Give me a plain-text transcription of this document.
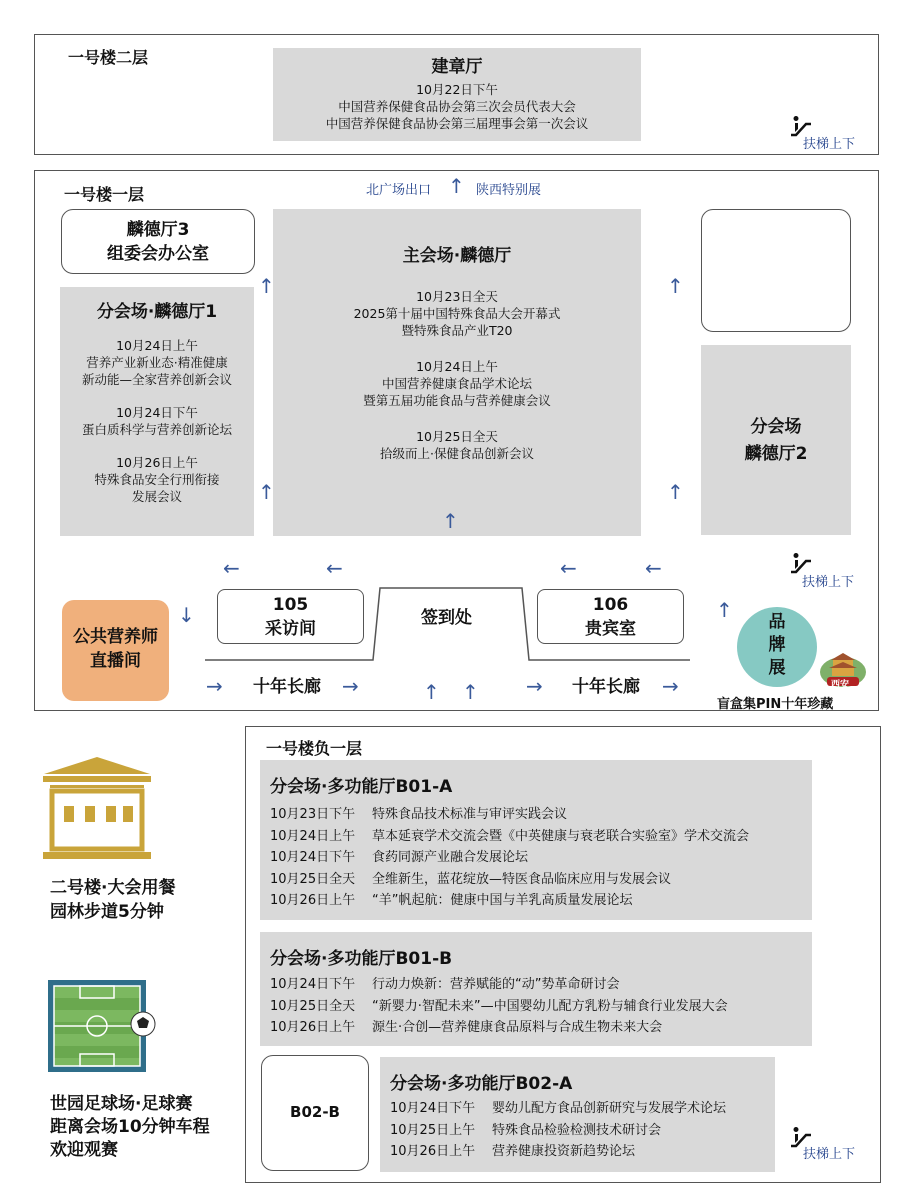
一号楼二层	建章厅
10月22日下午
中国营养保健食品协会第三次会员代表大会
中国营养保健食品协会第三届理事会第一次会议
扶梯上下
一号楼一层	北广场出口 ↑ 陕西特别展
麟德厅3
组委会办公室
分会场·麟德厅1
10月24日上午
营养产业新业态·精准健康
新动能—全家营养创新会议
10月24日下午
蛋白质科学与营养创新论坛
10月26日上午
特殊食品安全行刑衔接
发展会议
主会场·麟德厅
10月23日全天
2025第十届中国特殊食品大会开幕式
暨特殊食品产业T20
10月24日上午
中国营养健康食品学术论坛
暨第五届功能食品与营养健康会议
10月25日全天
拾级而上·保健食品创新会议
分会场
麟德厅2
↑
↑
↑
↑
↑
←	←	←	←
↓	↑
扶梯上下
105
采访间
签到处
106
贵宾室
公共营养师
直播间
→ 十年长廊 →	↑ ↑ → 十年长廊 →
品
牌
展
西安
盲盒集PIN十年珍藏
一号楼负一层
分会场·多功能厅B01-A
10月23日下午	特殊食品技术标准与审评实践会议
10月24日上午	草本延衰学术交流会暨《中英健康与衰老联合实验室》学术交流会
10月24日下午	食药同源产业融合发展论坛
10月25日全天	全维新生，蓝花绽放—特医食品临床应用与发展会议
10月26日上午	“羊”帆起航：健康中国与羊乳高质量发展论坛
分会场·多功能厅B01-B
10月24日下午	行动力焕新：营养赋能的“动”势革命研讨会
10月25日全天	“新婴力·智配未来”—中国婴幼儿配方乳粉与辅食行业发展大会
10月26日上午	源生·合创—营养健康食品原料与合成生物未来大会
B02-B
分会场·多功能厅B02-A
10月24日下午	婴幼儿配方食品创新研究与发展学术论坛
10月25日上午	特殊食品检验检测技术研讨会
10月26日上午	营养健康投资新趋势论坛	扶梯上下
二号楼·大会用餐
园林步道5分钟
世园足球场·足球赛
距离会场10分钟车程
欢迎观赛
